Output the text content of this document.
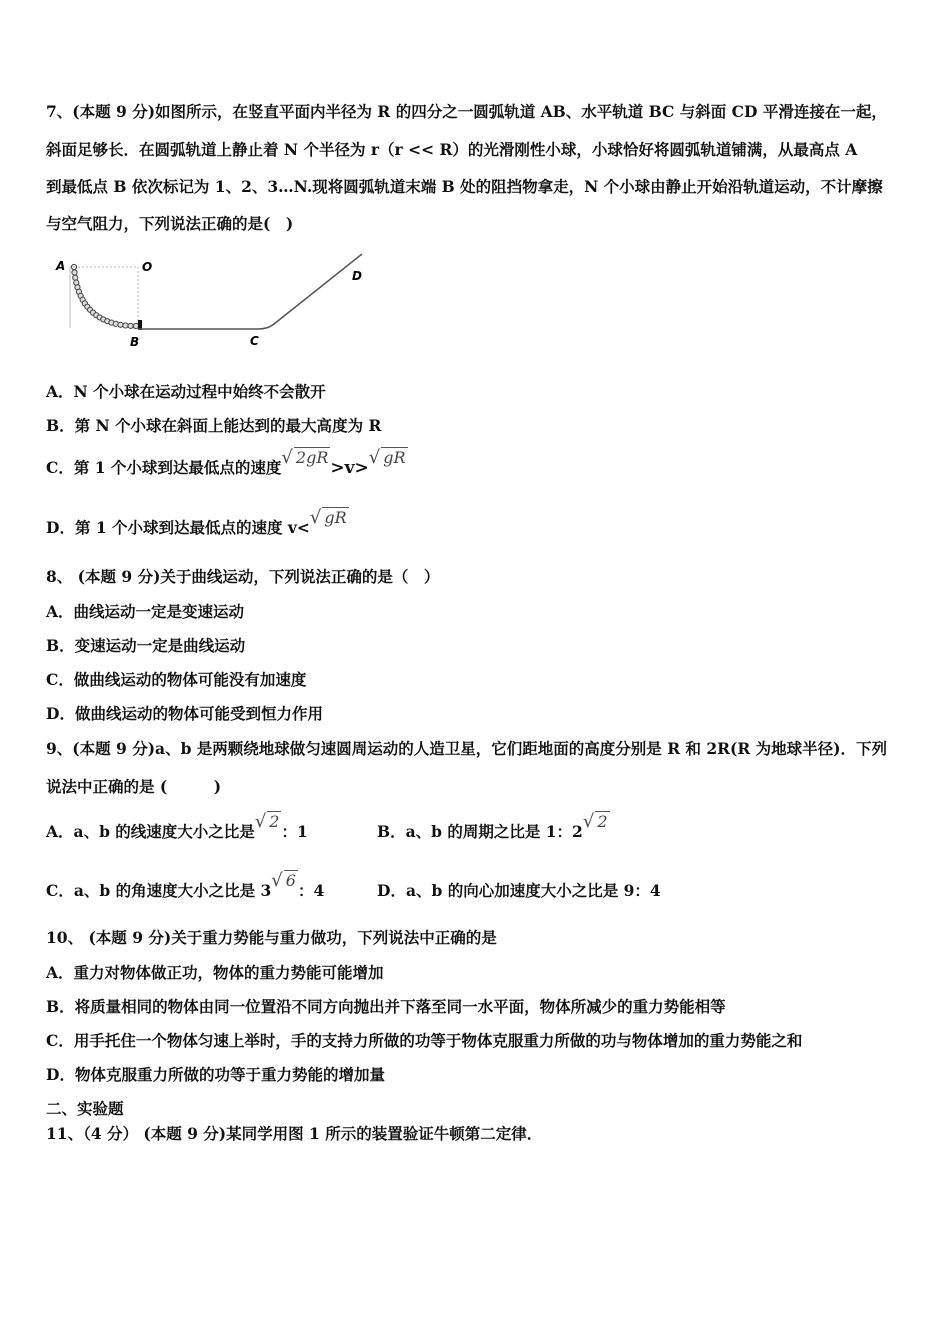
7、(本题 9 分)如图所示，在竖直平面内半径为 R 的四分之一圆弧轨道 AB、水平轨道 BC 与斜面 CD 平滑连接在一起，
斜面足够长．在圆弧轨道上静止着 N 个半径为 r（r << R）的光滑刚性小球，小球恰好将圆弧轨道铺满，从最高点 A
到最低点 B 依次标记为 1、2、3…N.现将圆弧轨道末端 B 处的阻挡物拿走，N 个小球由静止开始沿轨道运动，不计摩擦
与空气阻力，下列说法正确的是(　)
A	O
B	C
D
A．N 个小球在运动过程中始终不会散开
B．第 N 个小球在斜面上能达到的最大高度为 R
C．第 1 个小球到达最低点的速度√ 2gR>v>√ gR
D．第 1 个小球到达最低点的速度 v<√ gR
8、 (本题 9 分)关于曲线运动，下列说法正确的是（　）
A．曲线运动一定是变速运动
B．变速运动一定是曲线运动
C．做曲线运动的物体可能没有加速度
D．做曲线运动的物体可能受到恒力作用
9、(本题 9 分)a、b 是两颗绕地球做匀速圆周运动的人造卫星，它们距地面的高度分别是 R 和 2R(R 为地球半径)．下列
说法中正确的是 (　　　)
A．a、b 的线速度大小之比是√ 2：1	B．a、b 的周期之比是 1：2√ 2
C．a、b 的角速度大小之比是 3√ 6：4	D．a、b 的向心加速度大小之比是 9：4
10、 (本题 9 分)关于重力势能与重力做功，下列说法中正确的是
A．重力对物体做正功，物体的重力势能可能增加
B．将质量相同的物体由同一位置沿不同方向抛出并下落至同一水平面，物体所减少的重力势能相等
C．用手托住一个物体匀速上举时，手的支持力所做的功等于物体克服重力所做的功与物体增加的重力势能之和
D．物体克服重力所做的功等于重力势能的增加量
二、实验题
11、（4 分） (本题 9 分)某同学用图 1 所示的装置验证牛顿第二定律．
